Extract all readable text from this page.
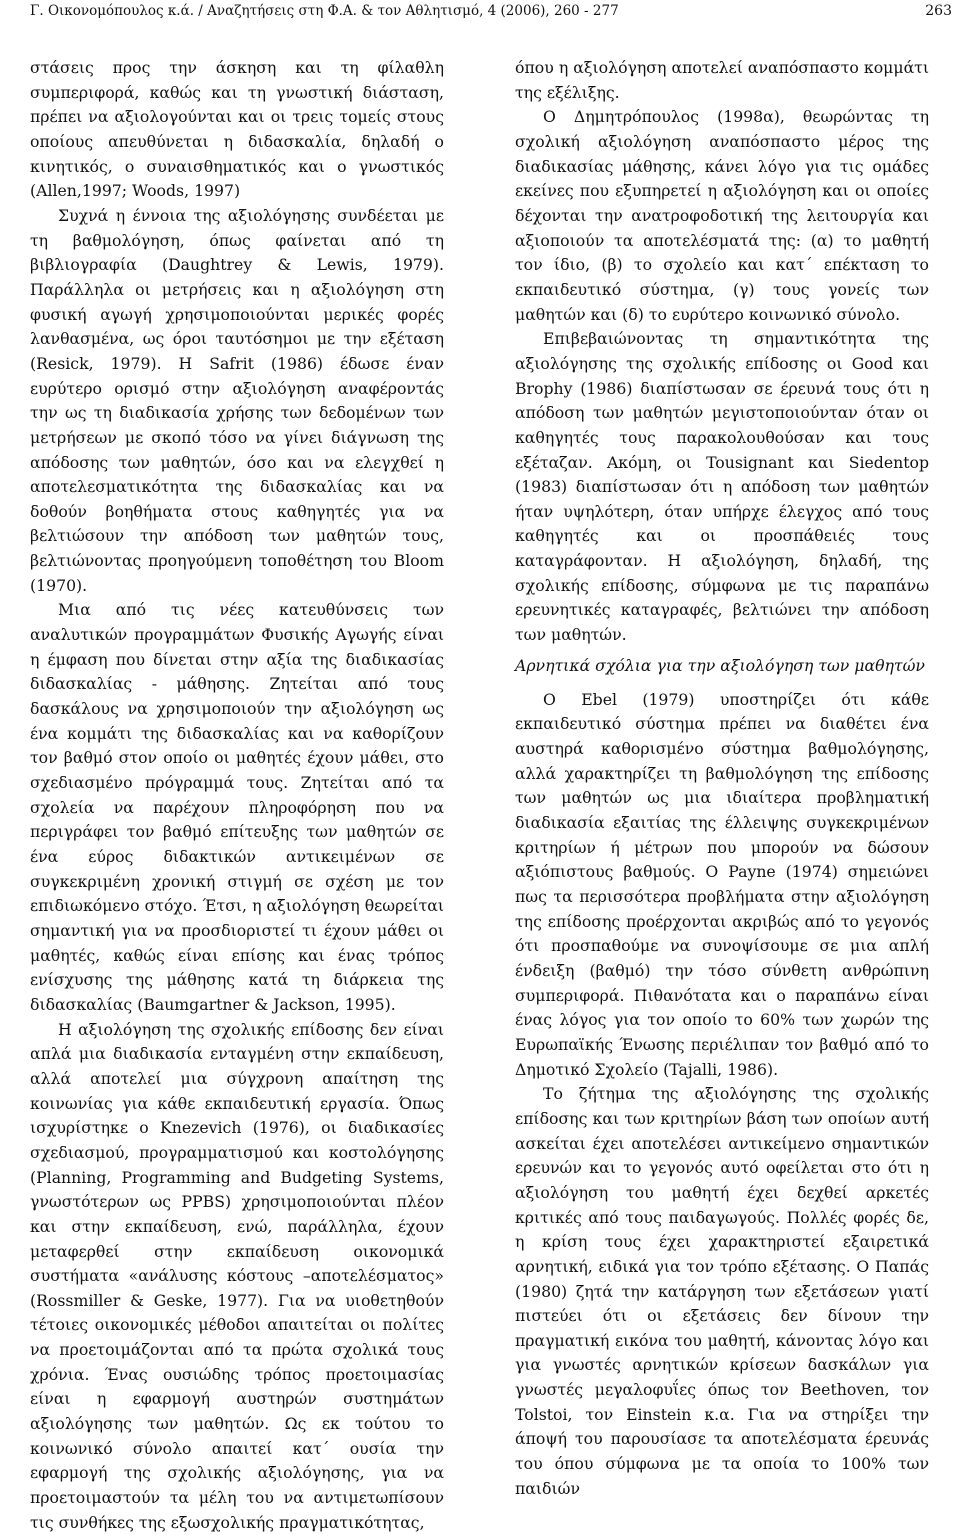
Γ. Οικονομόπουλος κ.ά. / Αναζητήσεις στη Φ.Α. & τον Αθλητισμό, 4 (2006), 260 - 277	263

στάσεις προς την άσκηση και τη φίλαθλη συμπεριφορά, καθώς και τη γνωστική διάσταση, πρέπει να αξιολογούνται και οι τρεις τομείς στους οποίους απευθύνεται η διδασκαλία, δηλαδή ο κινητικός, ο συναισθηματικός και ο γνωστικός (Allen,1997; Woods, 1997)

Συχνά η έννοια της αξιολόγησης συνδέεται με τη βαθμολόγηση, όπως φαίνεται από τη βιβλιογραφία (Daughtrey & Lewis, 1979). Παράλληλα οι μετρήσεις και η αξιολόγηση στη φυσική αγωγή χρησιμοποιούνται μερικές φορές λανθασμένα, ως όροι ταυτόσημοι με την εξέταση (Resick, 1979). Η Safrit (1986) έδωσε έναν ευρύτερο ορισμό στην αξιολόγηση αναφέροντάς την ως τη διαδικασία χρήσης των δεδομένων των μετρήσεων με σκοπό τόσο να γίνει διάγνωση της απόδοσης των μαθητών, όσο και να ελεγχθεί η αποτελεσματικότητα της διδασκαλίας και να δοθούν βοηθήματα στους καθηγητές για να βελτιώσουν την απόδοση των μαθητών τους, βελτιώνοντας προηγούμενη τοποθέτηση του Bloom (1970).

Μια από τις νέες κατευθύνσεις των αναλυτικών προγραμμάτων Φυσικής Αγωγής είναι η έμφαση που δίνεται στην αξία της διαδικασίας διδασκαλίας - μάθησης. Ζητείται από τους δασκάλους να χρησιμοποιούν την αξιολόγηση ως ένα κομμάτι της διδασκαλίας και να καθορίζουν τον βαθμό στον οποίο οι μαθητές έχουν μάθει, στο σχεδιασμένο πρόγραμμά τους. Ζητείται από τα σχολεία να παρέχουν πληροφόρηση που να περιγράφει τον βαθμό επίτευξης των μαθητών σε ένα εύρος διδακτικών αντικειμένων σε συγκεκριμένη χρονική στιγμή σε σχέση με τον επιδιωκόμενο στόχο. Έτσι, η αξιολόγηση θεωρείται σημαντική για να προσδιοριστεί τι έχουν μάθει οι μαθητές, καθώς είναι επίσης και ένας τρόπος ενίσχυσης της μάθησης κατά τη διάρκεια της διδασκαλίας (Baumgartner & Jackson, 1995).

Η αξιολόγηση της σχολικής επίδοσης δεν είναι απλά μια διαδικασία ενταγμένη στην εκπαίδευση, αλλά αποτελεί μια σύγχρονη απαίτηση της κοινωνίας για κάθε εκπαιδευτική εργασία. Όπως ισχυρίστηκε ο Knezevich (1976), οι διαδικασίες σχεδιασμού, προγραμματισμού και κοστολόγησης (Planning, Programming and Budgeting Systems, γνωστότερων ως PPBS) χρησιμοποιούνται πλέον και στην εκπαίδευση, ενώ, παράλληλα, έχουν μεταφερθεί στην εκπαίδευση οικονομικά συστήματα «ανάλυσης κόστους –αποτελέσματος» (Rossmiller & Geske, 1977). Για να υιοθετηθούν τέτοιες οικονομικές μέθοδοι απαιτείται οι πολίτες να προετοιμάζονται από τα πρώτα σχολικά τους χρόνια. Ένας ουσιώδης τρόπος προετοιμασίας είναι η εφαρμογή αυστηρών συστημάτων αξιολόγησης των μαθητών. Ως εκ τούτου το κοινωνικό σύνολο απαιτεί κατ΄ ουσία την εφαρμογή της σχολικής αξιολόγησης, για να προετοιμαστούν τα μέλη του να αντιμετωπίσουν τις συνθήκες της εξωσχολικής πραγματικότητας,

όπου η αξιολόγηση αποτελεί αναπόσπαστο κομμάτι της εξέλιξης.

Ο Δημητρόπουλος (1998α), θεωρώντας τη σχολική αξιολόγηση αναπόσπαστο μέρος της διαδικασίας μάθησης, κάνει λόγο για τις ομάδες εκείνες που εξυπηρετεί η αξιολόγηση και οι οποίες δέχονται την ανατροφοδοτική της λειτουργία και αξιοποιούν τα αποτελέσματά της: (α) το μαθητή τον ίδιο, (β) το σχολείο και κατ΄ επέκταση το εκπαιδευτικό σύστημα, (γ) τους γονείς των μαθητών και (δ) το ευρύτερο κοινωνικό σύνολο.

Επιβεβαιώνοντας τη σημαντικότητα της αξιολόγησης της σχολικής επίδοσης οι Good και Brophy (1986) διαπίστωσαν σε έρευνά τους ότι η απόδοση των μαθητών μεγιστοποιούνταν όταν οι καθηγητές τους παρακολουθούσαν και τους εξέταζαν. Ακόμη, οι Tousignant και Siedentop (1983) διαπίστωσαν ότι η απόδοση των μαθητών ήταν υψηλότερη, όταν υπήρχε έλεγχος από τους καθηγητές και οι προσπάθειές τους καταγράφονταν. Η αξιολόγηση, δηλαδή, της σχολικής επίδοσης, σύμφωνα με τις παραπάνω ερευνητικές καταγραφές, βελτιώνει την απόδοση των μαθητών.

Αρνητικά σχόλια για την αξιολόγηση των μαθητών

Ο Ebel (1979) υποστηρίζει ότι κάθε εκπαιδευτικό σύστημα πρέπει να διαθέτει ένα αυστηρά καθορισμένο σύστημα βαθμολόγησης, αλλά χαρακτηρίζει τη βαθμολόγηση της επίδοσης των μαθητών ως μια ιδιαίτερα προβληματική διαδικασία εξαιτίας της έλλειψης συγκεκριμένων κριτηρίων ή μέτρων που μπορούν να δώσουν αξιόπιστους βαθμούς. Ο Payne (1974) σημειώνει πως τα περισσότερα προβλήματα στην αξιολόγηση της επίδοσης προέρχονται ακριβώς από το γεγονός ότι προσπαθούμε να συνοψίσουμε σε μια απλή ένδειξη (βαθμό) την τόσο σύνθετη ανθρώπινη συμπεριφορά. Πιθανότατα και ο παραπάνω είναι ένας λόγος για τον οποίο το 60% των χωρών της Ευρωπαϊκής Ένωσης περιέλιπαν τον βαθμό από το Δημοτικό Σχολείο (Tajalli, 1986).

Το ζήτημα της αξιολόγησης της σχολικής επίδοσης και των κριτηρίων βάση των οποίων αυτή ασκείται έχει αποτελέσει αντικείμενο σημαντικών ερευνών και το γεγονός αυτό οφείλεται στο ότι η αξιολόγηση του μαθητή έχει δεχθεί αρκετές κριτικές από τους παιδαγωγούς. Πολλές φορές δε, η κρίση τους έχει χαρακτηριστεί εξαιρετικά αρνητική, ειδικά για τον τρόπο εξέτασης. Ο Παπάς (1980) ζητά την κατάργηση των εξετάσεων γιατί πιστεύει ότι οι εξετάσεις δεν δίνουν την πραγματική εικόνα του μαθητή, κάνοντας λόγο και για γνωστές αρνητικών κρίσεων δασκάλων για γνωστές μεγαλοφυΐες όπως τον Beethoven, τον Tolstoi, τον Einstein κ.α. Για να στηρίξει την άποψή του παρουσίασε τα αποτελέσματα έρευνάς του όπου σύμφωνα με τα οποία το 100% των παιδιών
